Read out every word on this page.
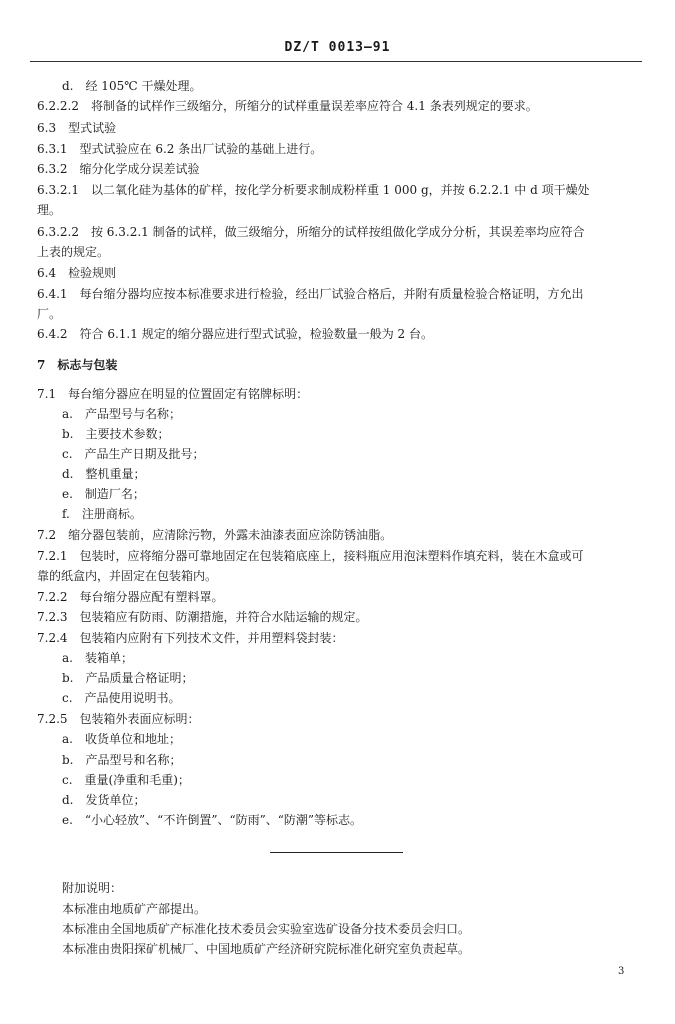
DZ/T 0013—91
d.　经 105℃ 干燥处理。
6.2.2.2　将制备的试样作三级缩分，所缩分的试样重量误差率应符合 4.1 条表列规定的要求。
6.3　型式试验
6.3.1　型式试验应在 6.2 条出厂试验的基础上进行。
6.3.2　缩分化学成分误差试验
6.3.2.1　以二氧化硅为基体的矿样，按化学分析要求制成粉样重 1 000 g，并按 6.2.2.1 中 d 项干燥处
理。
6.3.2.2　按 6.3.2.1 制备的试样，做三级缩分，所缩分的试样按组做化学成分分析，其误差率均应符合
上表的规定。
6.4　检验规则
6.4.1　每台缩分器均应按本标准要求进行检验，经出厂试验合格后，并附有质量检验合格证明，方允出
厂。
6.4.2　符合 6.1.1 规定的缩分器应进行型式试验，检验数量一般为 2 台。
7　标志与包装
7.1　每台缩分器应在明显的位置固定有铭牌标明：
a.　产品型号与名称；
b.　主要技术参数；
c.　产品生产日期及批号；
d.　整机重量；
e.　制造厂名；
f.　注册商标。
7.2　缩分器包装前，应清除污物，外露未油漆表面应涂防锈油脂。
7.2.1　包装时，应将缩分器可靠地固定在包装箱底座上，接料瓶应用泡沫塑料作填充料，装在木盒或可
靠的纸盒内，并固定在包装箱内。
7.2.2　每台缩分器应配有塑料罩。
7.2.3　包装箱应有防雨、防潮措施，并符合水陆运输的规定。
7.2.4　包装箱内应附有下列技术文件，并用塑料袋封装：
a.　装箱单；
b.　产品质量合格证明；
c.　产品使用说明书。
7.2.5　包装箱外表面应标明：
a.　收货单位和地址；
b.　产品型号和名称；
c.　重量(净重和毛重)；
d.　发货单位；
e.　“小心轻放”、“不许倒置”、“防雨”、“防潮”等标志。
附加说明：
本标准由地质矿产部提出。
本标准由全国地质矿产标准化技术委员会实验室选矿设备分技术委员会归口。
本标准由贵阳探矿机械厂、中国地质矿产经济研究院标准化研究室负责起草。
3
